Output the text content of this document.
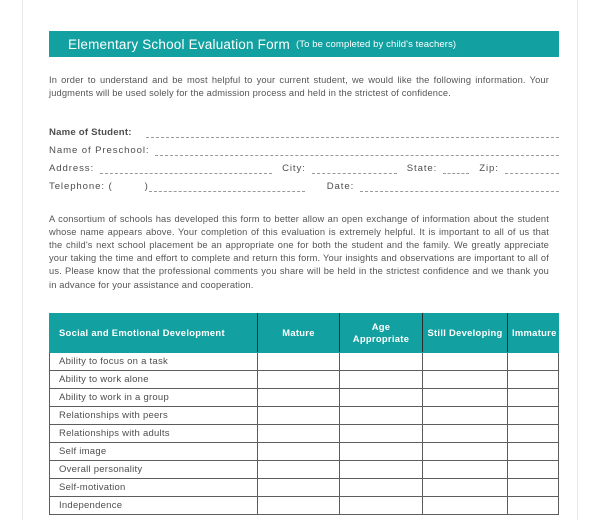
Elementary School Evaluation Form (To be completed by child's teachers)

In order to understand and be most helpful to your current student, we would like the following information. Your judgments will be used solely for the admission process and held in the strictest of confidence.

Name of Student:
Name of Preschool:
Address:	City:	State:	Zip:
Telephone: (	)	Date:

A consortium of schools has developed this form to better allow an open exchange of information about the student whose name appears above. Your completion of this evaluation is extremely helpful. It is important to all of us that the child's next school placement be an appropriate one for both the student and the family. We greatly appreciate your taking the time and effort to complete and return this form. Your insights and observations are important to all of us. Please know that the professional comments you share will be held in the strictest confidence and we thank you in advance for your assistance and cooperation.

Social and Emotional Development	Mature	Age Appropriate	Still Developing	Immature
Ability to focus on a task				
Ability to work alone				
Ability to work in a group				
Relationships with peers				
Relationships with adults				
Self image				
Overall personality				
Self-motivation				
Independence				
